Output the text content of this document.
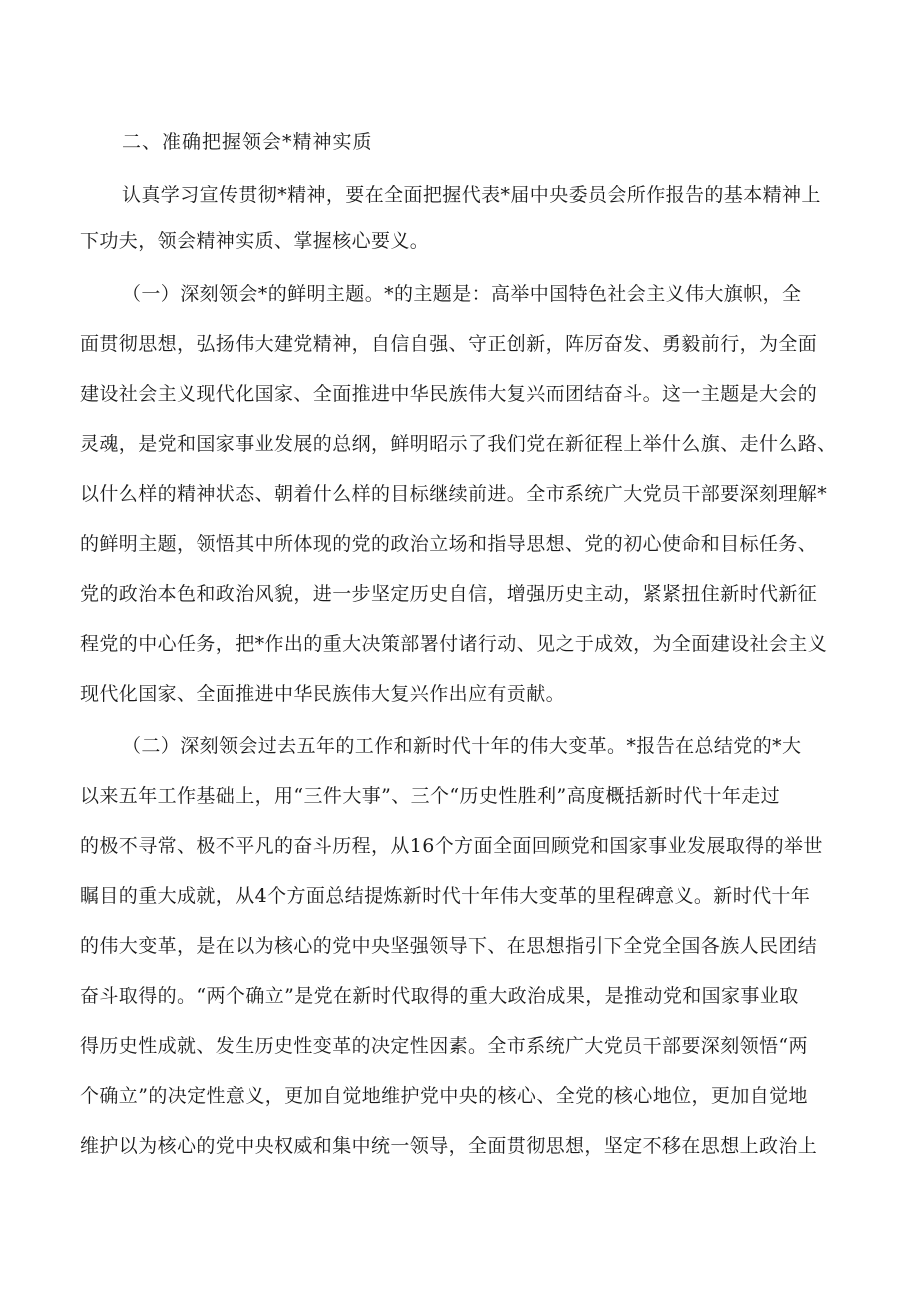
二、准确把握领会*精神实质
认真学习宣传贯彻*精神，要在全面把握代表*届中央委员会所作报告的基本精神上
下功夫，领会精神实质、掌握核心要义。
（一）深刻领会*的鲜明主题。*的主题是：高举中国特色社会主义伟大旗帜，全
面贯彻思想，弘扬伟大建党精神，自信自强、守正创新，阵厉奋发、勇毅前行，为全面
建设社会主义现代化国家、全面推进中华民族伟大复兴而团结奋斗。这一主题是大会的
灵魂，是党和国家事业发展的总纲，鲜明昭示了我们党在新征程上举什么旗、走什么路、
以什么样的精神状态、朝着什么样的目标继续前进。全市系统广大党员干部要深刻理解*
的鲜明主题，领悟其中所体现的党的政治立场和指导思想、党的初心使命和目标任务、
党的政治本色和政治风貌，进一步坚定历史自信，增强历史主动，紧紧扭住新时代新征
程党的中心任务，把*作出的重大决策部署付诸行动、见之于成效，为全面建设社会主义
现代化国家、全面推进中华民族伟大复兴作出应有贡献。
（二）深刻领会过去五年的工作和新时代十年的伟大变革。*报告在总结党的*大
以来五年工作基础上，用“三件大事”、三个“历史性胜利”高度概括新时代十年走过
的极不寻常、极不平凡的奋斗历程，从16个方面全面回顾党和国家事业发展取得的举世
瞩目的重大成就，从4个方面总结提炼新时代十年伟大变革的里程碑意义。新时代十年
的伟大变革，是在以为核心的党中央坚强领导下、在思想指引下全党全国各族人民团结
奋斗取得的。“两个确立”是党在新时代取得的重大政治成果，是推动党和国家事业取
得历史性成就、发生历史性变革的决定性因素。全市系统广大党员干部要深刻领悟“两
个确立”的决定性意义，更加自觉地维护党中央的核心、全党的核心地位，更加自觉地
维护以为核心的党中央权威和集中统一领导，全面贯彻思想，坚定不移在思想上政治上
